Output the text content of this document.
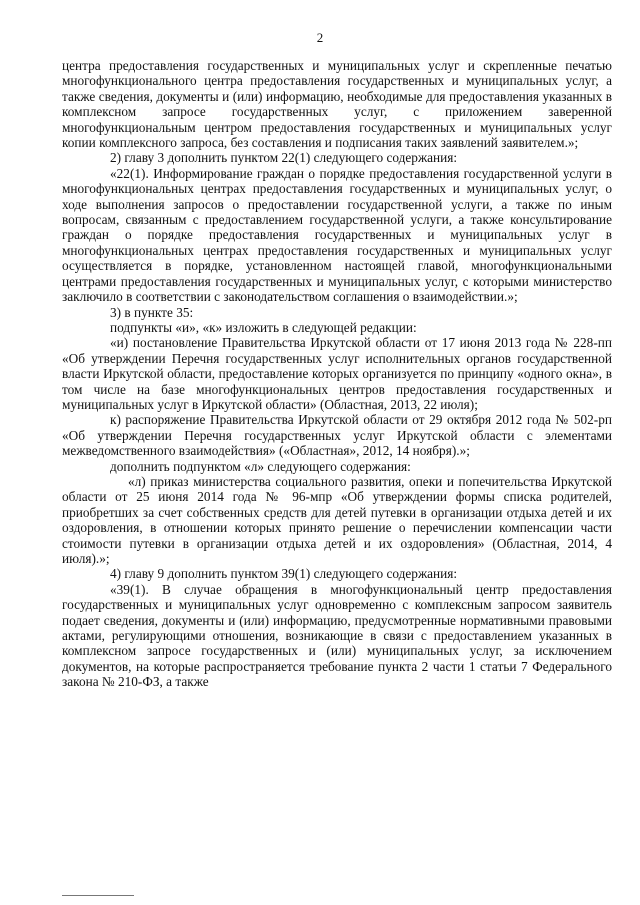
2

центра предоставления государственных и муниципальных услуг и скрепленные печатью многофункционального центра предоставления государственных и муниципальных услуг, а также сведения, документы и (или) информацию, необходимые для предоставления указанных в комплексном запросе государственных услуг, с приложением заверенной многофункциональным центром предоставления государственных и муниципальных услуг копии комплексного запроса, без составления и подписания таких заявлений заявителем.»;

2) главу 3 дополнить пунктом 22(1) следующего содержания:

«22(1). Информирование граждан о порядке предоставления государственной услуги в многофункциональных центрах предоставления государственных и муниципальных услуг, о ходе выполнения запросов о предоставлении государственной услуги, а также по иным вопросам, связанным с предоставлением государственной услуги, а также консультирование граждан о порядке предоставления государственных и муниципальных услуг в многофункциональных центрах предоставления государственных и муниципальных услуг осуществляется в порядке, установленном настоящей главой, многофункциональными центрами предоставления государственных и муниципальных услуг, с которыми министерство заключило в соответствии с законодательством соглашения о взаимодействии.»;

3) в пункте 35:

подпункты «и», «к» изложить в следующей редакции:

«и) постановление Правительства Иркутской области от 17 июня 2013 года № 228-пп «Об утверждении Перечня государственных услуг исполнительных органов государственной власти Иркутской области, предоставление которых организуется по принципу «одного окна», в том числе на базе многофункциональных центров предоставления государственных и муниципальных услуг в Иркутской области» (Областная, 2013, 22 июля);

к) распоряжение Правительства Иркутской области от 29 октября 2012 года № 502-рп «Об утверждении Перечня государственных услуг Иркутской области с элементами межведомственного взаимодействия» («Областная», 2012, 14 ноября).»;

дополнить подпунктом «л» следующего содержания:

«л) приказ министерства социального развития, опеки и попечительства Иркутской области от 25 июня 2014 года № 96-мпр «Об утверждении формы списка родителей, приобретших за счет собственных средств для детей путевки в организации отдыха детей и их оздоровления, в отношении которых принято решение о перечислении компенсации части стоимости путевки в организации отдыха детей и их оздоровления» (Областная, 2014, 4 июля).»;

4) главу 9 дополнить пунктом 39(1) следующего содержания:

«39(1). В случае обращения в многофункциональный центр предоставления государственных и муниципальных услуг одновременно с комплексным запросом заявитель подает сведения, документы и (или) информацию, предусмотренные нормативными правовыми актами, регулирующими отношения, возникающие в связи с предоставлением указанных в комплексном запросе государственных и (или) муниципальных услуг, за исключением документов, на которые распространяется требование пункта 2 части 1 статьи 7 Федерального закона № 210-ФЗ, а также
